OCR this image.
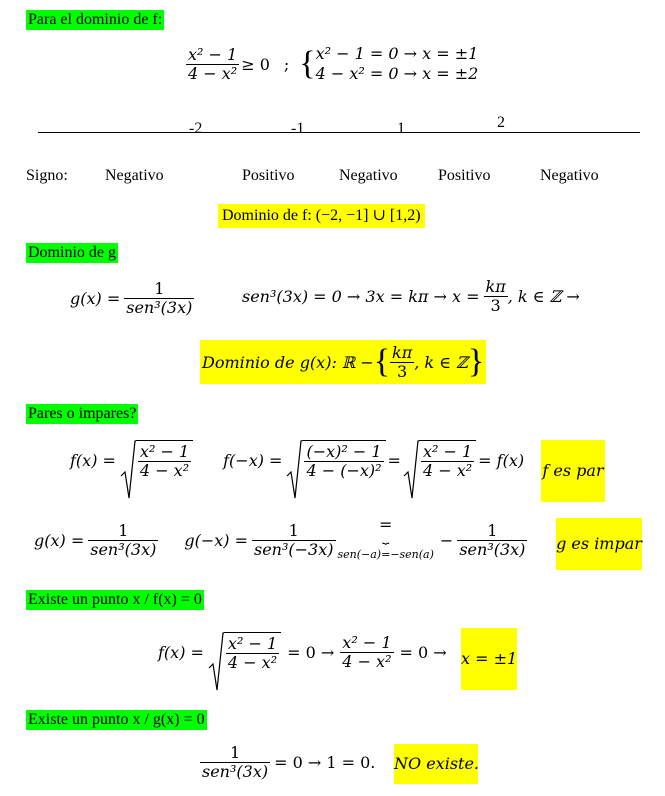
Para el dominio de f:
$\frac{\text{x² − 1}}{\text{4 − x²}} \ge 0$ ; { x² − 1 = 0 → x = ±1
4 − x² = 0 → x = ±2
-2	-1	1	2
Signo: Negativo	Positivo	Negativo	Positivo	Negativo
Dominio de f: (−2, −1] ∪ [1,2)
Dominio de g
$g(x) = \frac{1}{\text{sen³(3x)}}$	$sen^3(3x) = 0 \to 3x = k\pi \to x = \frac{k\pi}{3}$ , k ∈ ℤ →
Dominio de g(x): ℝ − { $\frac{k\pi}{3}$ , k ∈ ℤ }
Pares o impares?
$f(x) = \frac{\text{x² − 1}}{\text{4 − x²}} f(-x) = \frac{\text{(−x)² − 1}}{\text{4 − (−x)²}} = \frac{\text{x² − 1}}{\text{4 − x²}} = f(x)$
f es par
$g(x) = \frac{1}{\text{sen³(3x)}} g(-x) = \frac{1}{\text{sen³(−3x)}}$	=
⏟
sen(−a)=−sen(a)
− $\frac{1}{\text{sen³(3x)}}$ g es impar
Existe un punto x / f(x) = 0
$f(x) = \frac{\text{x² − 1}}{\text{4 − x²}} = 0 \to \frac{\text{x² − 1}}{\text{4 − x²}} = 0 \to x = \pm 1$
Existe un punto x / g(x) = 0
$\frac{1}{\text{sen³(3x)}} = 0 \to 1 = 0$. NO existe.
